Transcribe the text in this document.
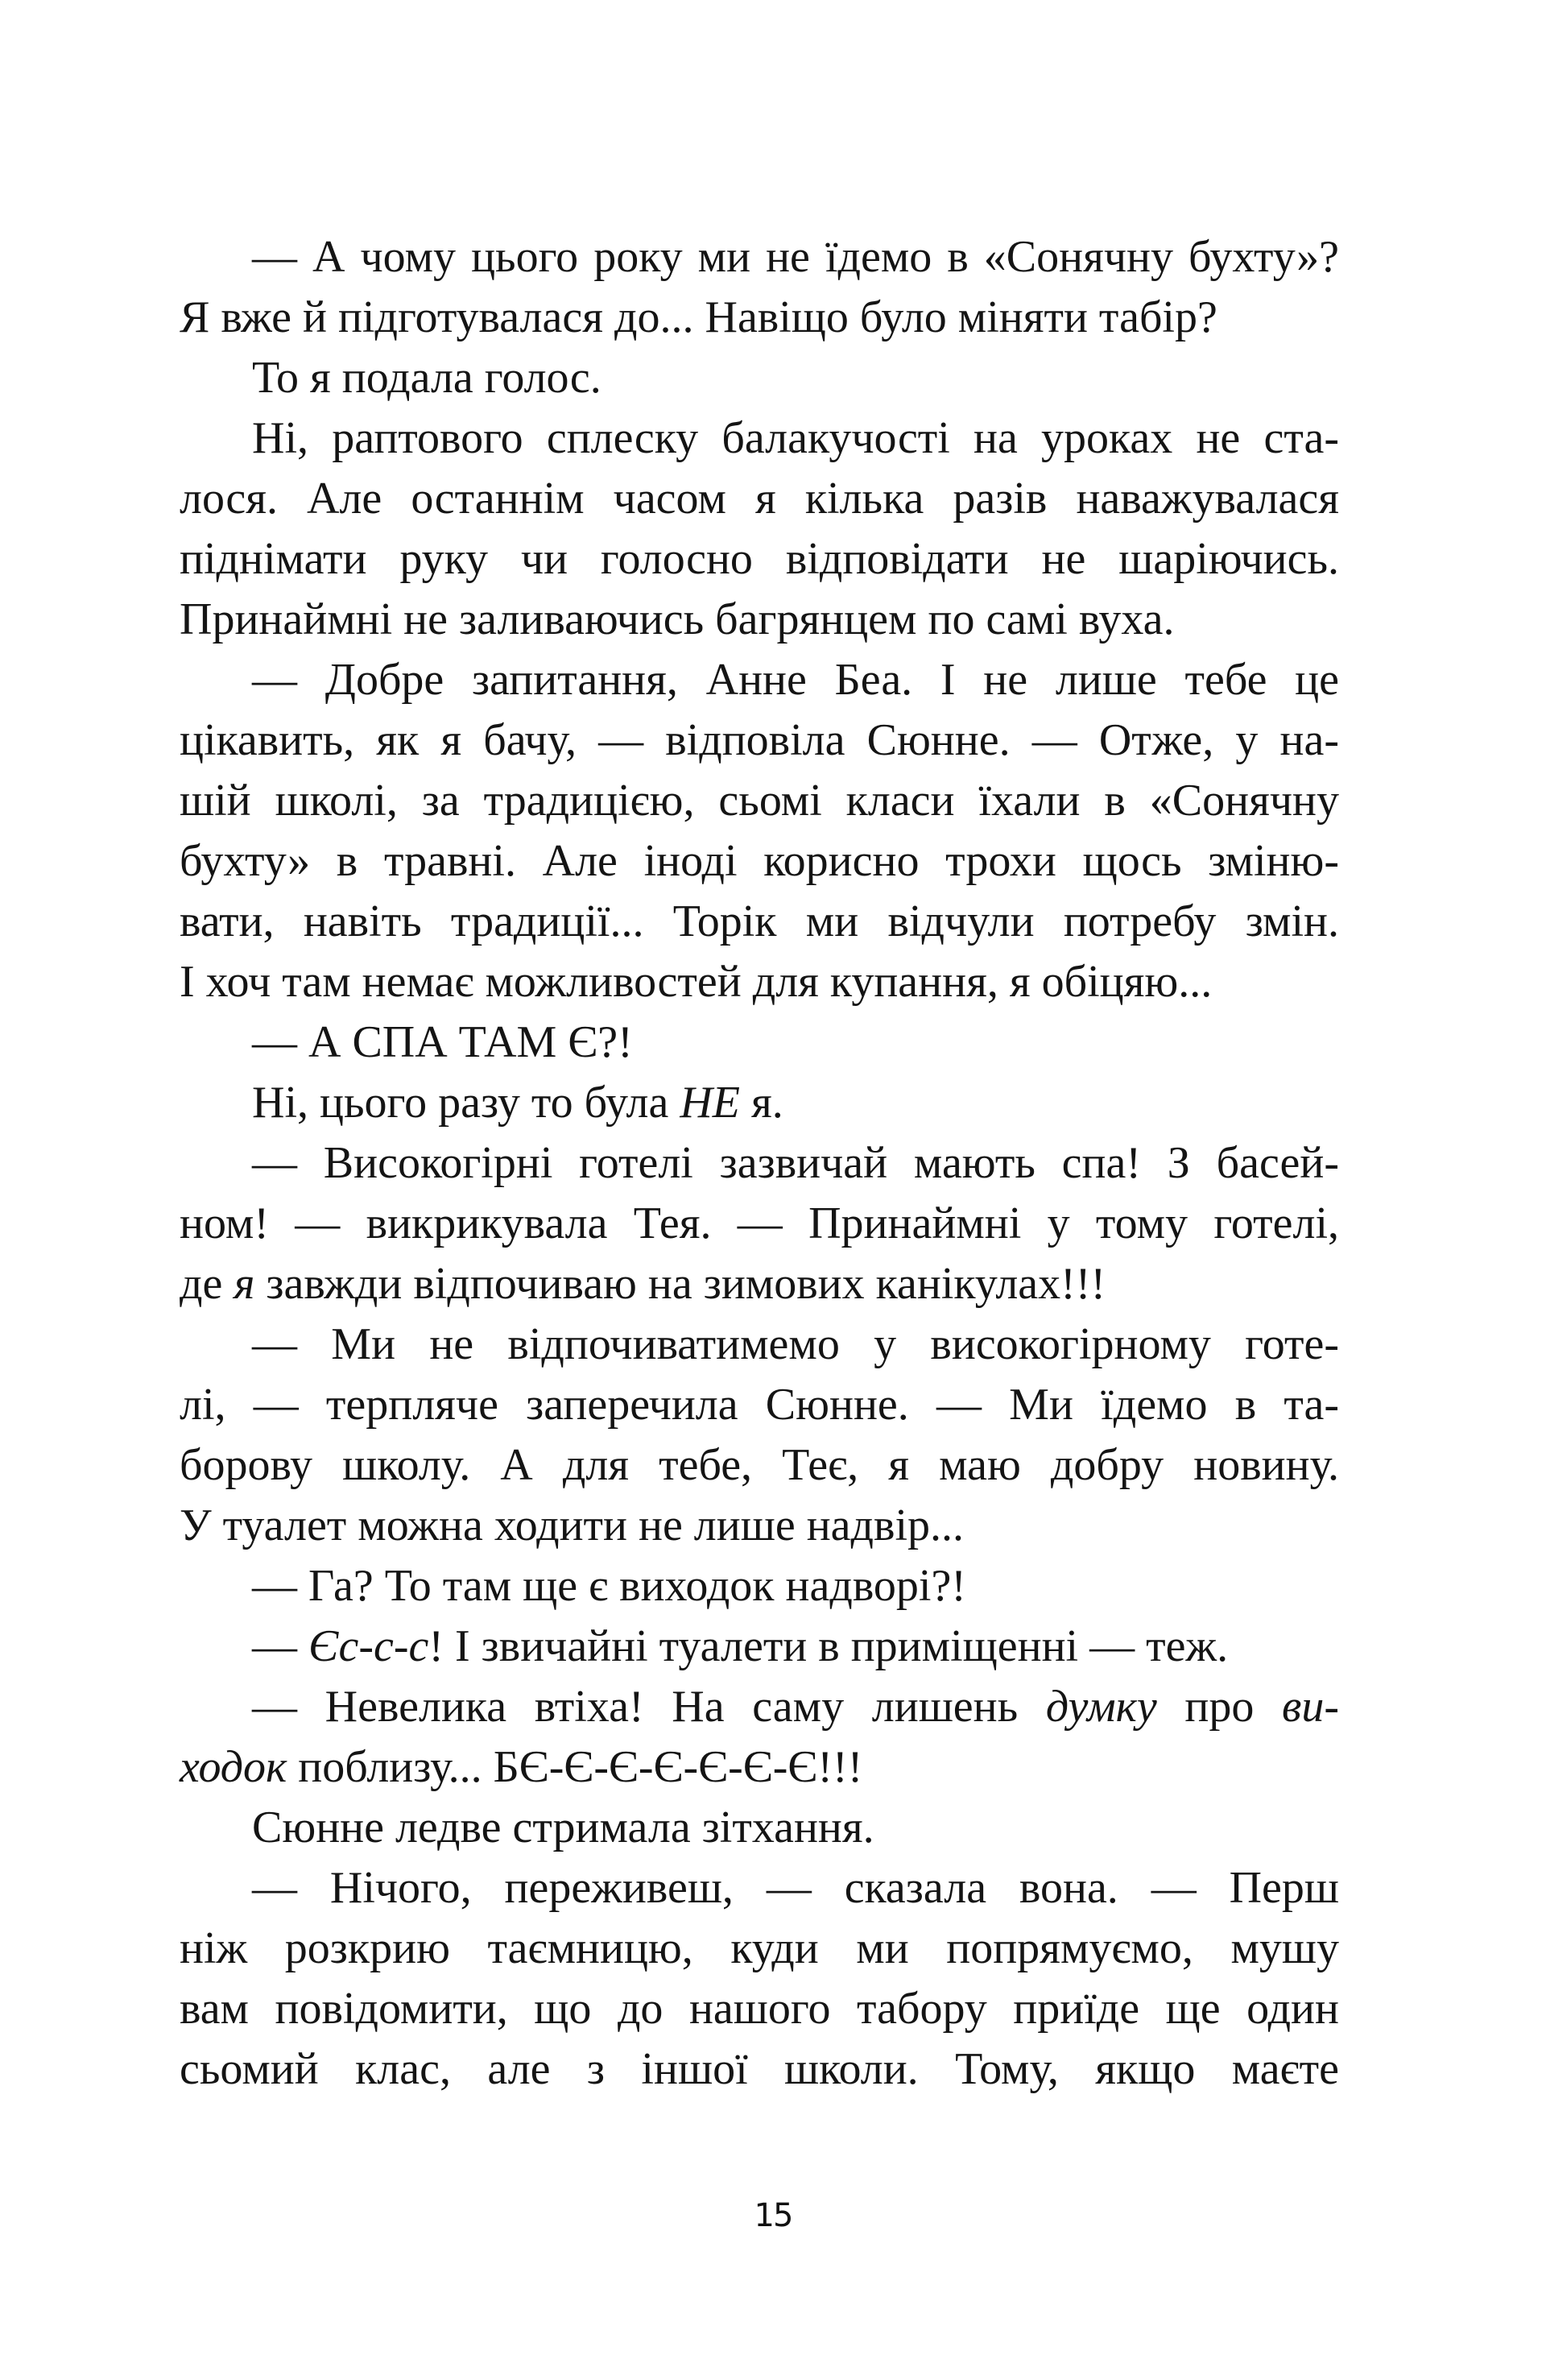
— А чому цього року ми не їдемо в «Сонячну бухту»?
Я вже й підготувалася до... Навіщо було міняти табір?
То я подала голос.
Ні, раптового сплеску балакучості на уроках не ста-
лося. Але останнім часом я кілька разів наважувалася
піднімати руку чи голосно відповідати не шаріючись.
Принаймні не заливаючись багрянцем по самі вуха.
— Добре запитання, Анне Беа. І не лише тебе це
цікавить, як я бачу, — відповіла Сюнне. — Отже, у на-
шій школі, за традицією, сьомі класи їхали в «Сонячну
бухту» в травні. Але іноді корисно трохи щось зміню-
вати, навіть традиції... Торік ми відчули потребу змін.
І хоч там немає можливостей для купання, я обіцяю...
— А СПА ТАМ Є?!
Ні, цього разу то була НЕ я.
— Високогірні готелі зазвичай мають спа! З басей-
ном! — викрикувала Тея. — Принаймні у тому готелі,
де я завжди відпочиваю на зимових канікулах!!!
— Ми не відпочиватимемо у високогірному готе-
лі, — терпляче заперечила Сюнне. — Ми їдемо в та-
борову школу. А для тебе, Теє, я маю добру новину.
У туалет можна ходити не лише надвір...
— Га? То там ще є виходок надворі?!
— Єс-с-с! І звичайні туалети в приміщенні — теж.
— Невелика втіха! На саму лишень думку про ви-
ходок поблизу... БЄ-Є-Є-Є-Є-Є-Є!!!
Сюнне ледве стримала зітхання.
— Нічого, переживеш, — сказала вона. — Перш
ніж розкрию таємницю, куди ми попрямуємо, мушу
вам повідомити, що до нашого табору приїде ще один
сьомий клас, але з іншої школи. Тому, якщо маєте
15
